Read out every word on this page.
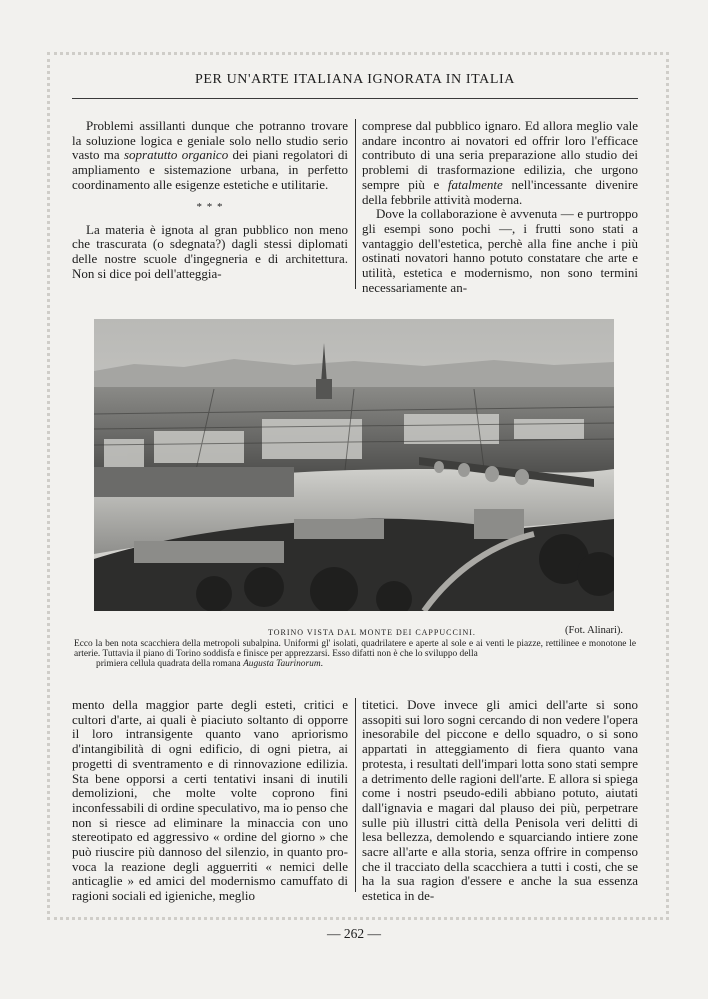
PER UN'ARTE ITALIANA IGNORATA IN ITALIA

Problemi assillanti dunque che potranno trovare la soluzione logica e geniale solo nello studio serio vasto ma sopratutto organico dei piani regolatori di ampliamento e sistemazione urbana, in perfetto coordinamento alle esigenze estetiche e utilitarie.

* * *

La materia è ignota al gran pubblico non meno che trascurata (o sdegnata?) dagli stessi diplomati delle nostre scuole d'ingegneria e di architettura. Non si dice poi dell'atteggia-

comprese dal pubblico ignaro. Ed allora meglio vale andare incontro ai novatori ed offrir loro l'efficace contributo di una seria preparazione allo studio dei problemi di trasformazione edilizia, che urgono sempre più e fatalmente nell'incessante divenire della febbrile attività moderna.

Dove la collaborazione è avvenuta — e purtroppo gli esempi sono pochi —, i frutti sono stati a vantaggio dell'estetica, perchè alla fine anche i più ostinati novatori hanno potuto constatare che arte e utilità, estetica e modernismo, non sono termini necessariamente an-

TORINO VISTA DAL MONTE DEI CAPPUCCINI.	(Fot. Alinari).

Ecco la ben nota scacchiera della metropoli subalpina. Uniformi gl' isolati, quadrilatere e aperte al sole e ai venti le piazze, rettilinee e monotone le arterie. Tuttavia il piano di Torino soddisfa e finisce per apprezzarsi. Esso difatti non è che lo sviluppo della

primiera cellula quadrata della romana Augusta Taurinorum.

mento della maggior parte degli esteti, critici e cultori d'arte, ai quali è piaciuto soltanto di opporre il loro intransigente quanto vano apriorismo d'intangibilità di ogni edificio, di ogni pietra, ai progetti di sventramento e di rinnovazione edilizia. Sta bene opporsi a certi tentativi insani di inutili demolizioni, che molte volte coprono fini inconfessabili di ordine speculativo, ma io penso che non si riesce ad eliminare la minaccia con uno stereotipato ed aggressivo « ordine del giorno » che può riuscire più dannoso del silenzio, in quanto provoca la reazione degli agguerriti « nemici delle anticaglie » ed amici del modernismo camuffato di ragioni sociali ed igieniche, meglio

titetici. Dove invece gli amici dell'arte si sono assopiti sui loro sogni cercando di non vedere l'opera inesorabile del piccone e dello squadro, o si sono appartati in atteggiamento di fiera quanto vana protesta, i resultati dell'impari lotta sono stati sempre a detrimento delle ragioni dell'arte. E allora si spiega come i nostri pseudo-edili abbiano potuto, aiutati dall'ignavia e magari dal plauso dei più, perpetrare sulle più illustri città della Penisola veri delitti di lesa bellezza, demolendo e squarciando intiere zone sacre all'arte e alla storia, senza offrire in compenso che il tracciato della scacchiera a tutti i costi, che se ha la sua ragion d'essere e anche la sua essenza estetica in de-

— 262 —
